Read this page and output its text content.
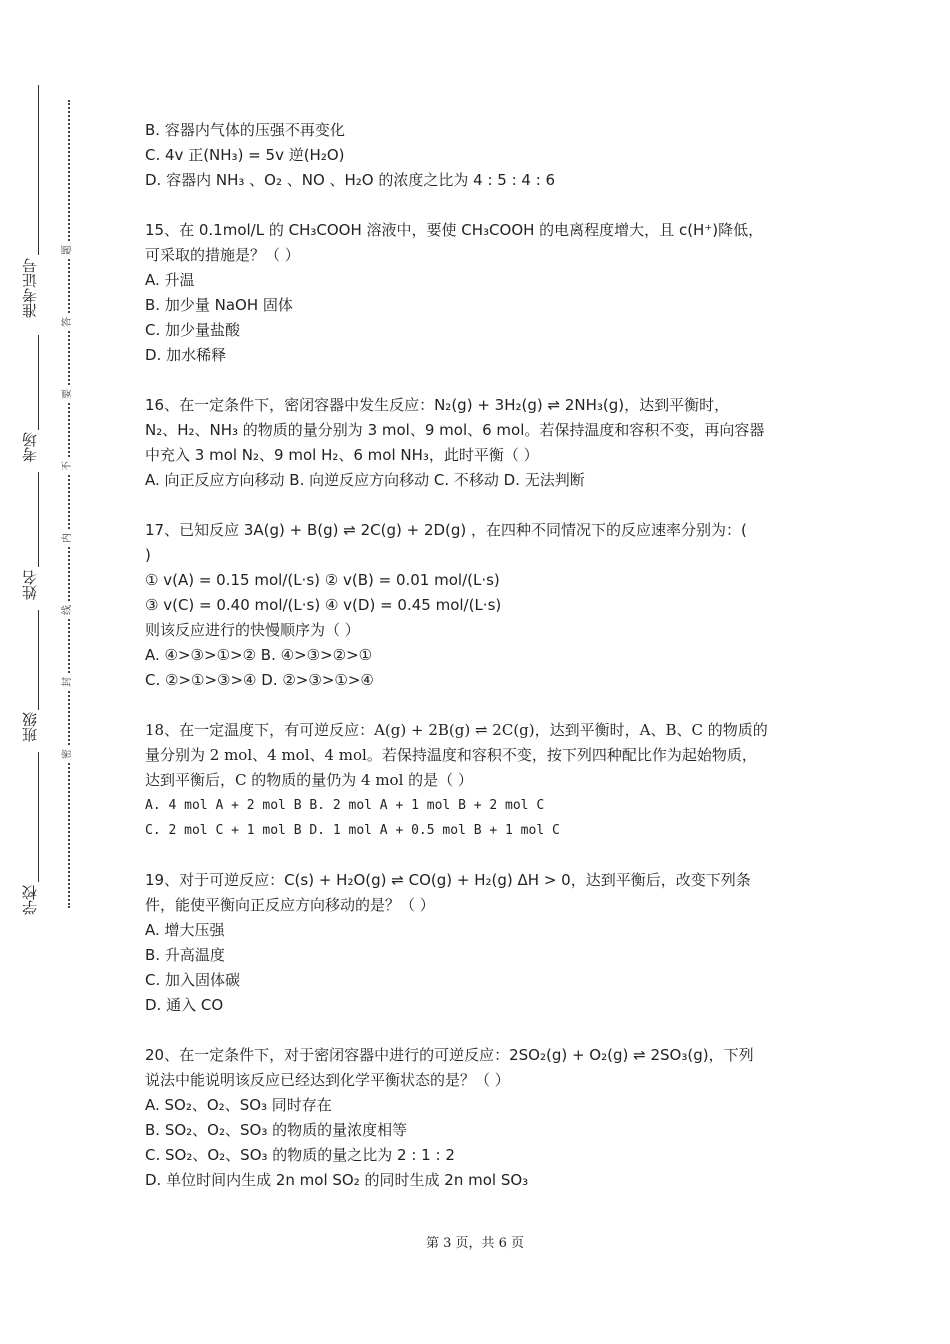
准考证号
考场
姓名
班级
学校
题
答
要
不
内
线
封
密
B. 容器内气体的压强不再变化
C. 4v 正(NH₃) = 5v 逆(H₂O)
D. 容器内 NH₃ 、O₂ 、NO 、H₂O 的浓度之比为 4 : 5 : 4 : 6
15、在 0.1mol/L 的 CH₃COOH 溶液中，要使 CH₃COOH 的电离程度增大，且 c(H⁺)降低，
可采取的措施是？（ ）
A. 升温
B. 加少量 NaOH 固体
C. 加少量盐酸
D. 加水稀释
16、在一定条件下，密闭容器中发生反应：N₂(g) + 3H₂(g) ⇌ 2NH₃(g)，达到平衡时，
N₂、H₂、NH₃ 的物质的量分别为 3 mol、9 mol、6 mol。若保持温度和容积不变，再向容器
中充入 3 mol N₂、9 mol H₂、6 mol NH₃，此时平衡（ ）
A. 向正反应方向移动 B. 向逆反应方向移动 C. 不移动 D. 无法判断
17、已知反应 3A(g) + B(g) ⇌ 2C(g) + 2D(g) ，在四种不同情况下的反应速率分别为：(
)
① v(A) = 0.15 mol/(L·s) ② v(B) = 0.01 mol/(L·s)
③ v(C) = 0.40 mol/(L·s) ④ v(D) = 0.45 mol/(L·s)
则该反应进行的快慢顺序为（ ）
A. ④>③>①>② B. ④>③>②>①
C. ②>①>③>④ D. ②>③>①>④
18、在一定温度下，有可逆反应：A(g) + 2B(g) ⇌ 2C(g)，达到平衡时，A、B、C 的物质的
量分别为 2 mol、4 mol、4 mol。若保持温度和容积不变，按下列四种配比作为起始物质，
达到平衡后，C 的物质的量仍为 4 mol 的是（ ）
A. 4 mol A + 2 mol B B. 2 mol A + 1 mol B + 2 mol C
C. 2 mol C + 1 mol B D. 1 mol A + 0.5 mol B + 1 mol C
19、对于可逆反应：C(s) + H₂O(g) ⇌ CO(g) + H₂(g) ΔH > 0，达到平衡后，改变下列条
件，能使平衡向正反应方向移动的是？（ ）
A. 增大压强
B. 升高温度
C. 加入固体碳
D. 通入 CO
20、在一定条件下，对于密闭容器中进行的可逆反应：2SO₂(g) + O₂(g) ⇌ 2SO₃(g)，下列
说法中能说明该反应已经达到化学平衡状态的是？（ ）
A. SO₂、O₂、SO₃ 同时存在
B. SO₂、O₂、SO₃ 的物质的量浓度相等
C. SO₂、O₂、SO₃ 的物质的量之比为 2 : 1 : 2
D. 单位时间内生成 2n mol SO₂ 的同时生成 2n mol SO₃
第 3 页，共 6 页
